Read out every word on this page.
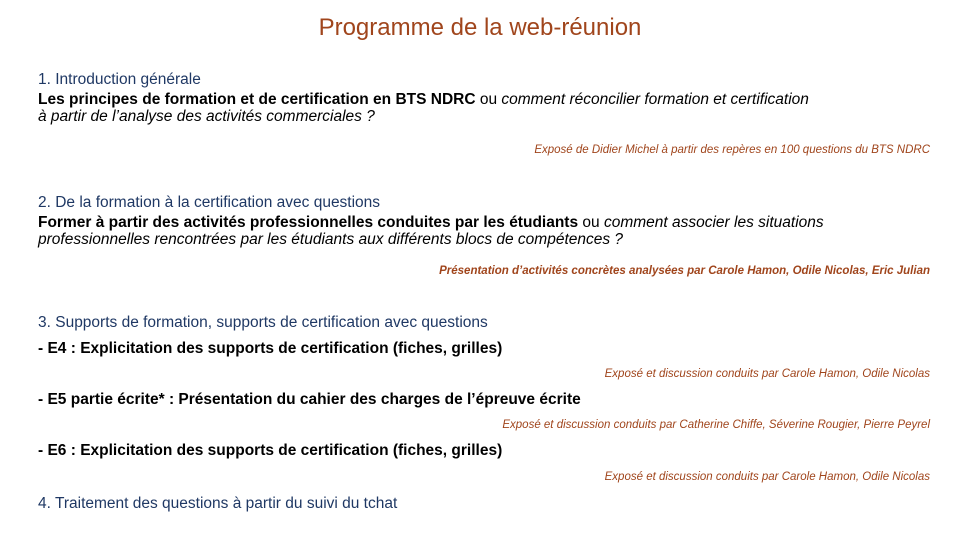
Programme de la web-réunion
1. Introduction générale
Les principes de formation et de certification en BTS NDRC ou comment réconcilier formation et certification
à partir de l’analyse des activités commerciales ?
Exposé de Didier Michel à partir des repères en 100 questions du BTS NDRC
2. De la formation à la certification avec questions
Former à partir des activités professionnelles conduites par les étudiants ou comment associer les situations
professionnelles rencontrées par les étudiants aux différents blocs de compétences ?
Présentation d’activités concrètes analysées par Carole Hamon, Odile Nicolas, Eric Julian
3. Supports de formation, supports de certification avec questions
- E4 : Explicitation des supports de certification (fiches, grilles)
Exposé et discussion conduits par Carole Hamon, Odile Nicolas
- E5 partie écrite* : Présentation du cahier des charges de l’épreuve écrite
Exposé et discussion conduits par Catherine Chiffe, Séverine Rougier, Pierre Peyrel
- E6 : Explicitation des supports de certification (fiches, grilles)
Exposé et discussion conduits par Carole Hamon, Odile Nicolas
4. Traitement des questions à partir du suivi du tchat
